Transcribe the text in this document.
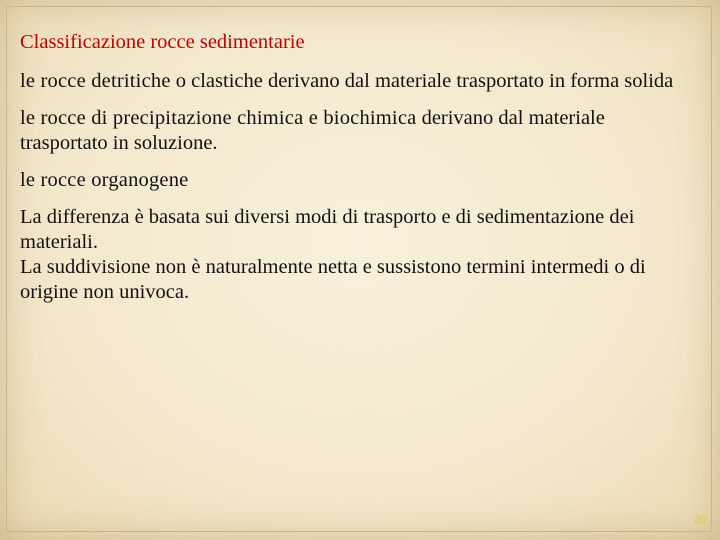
Classificazione rocce sedimentarie
le rocce detritiche o clastiche derivano dal materiale trasportato in forma solida
le rocce di precipitazione chimica e biochimica derivano dal materiale trasportato in soluzione.
le rocce organogene
La differenza è basata sui diversi modi di trasporto e di sedimentazione dei materiali.
La suddivisione non è naturalmente netta e sussistono termini intermedi o di origine non univoca.
20
